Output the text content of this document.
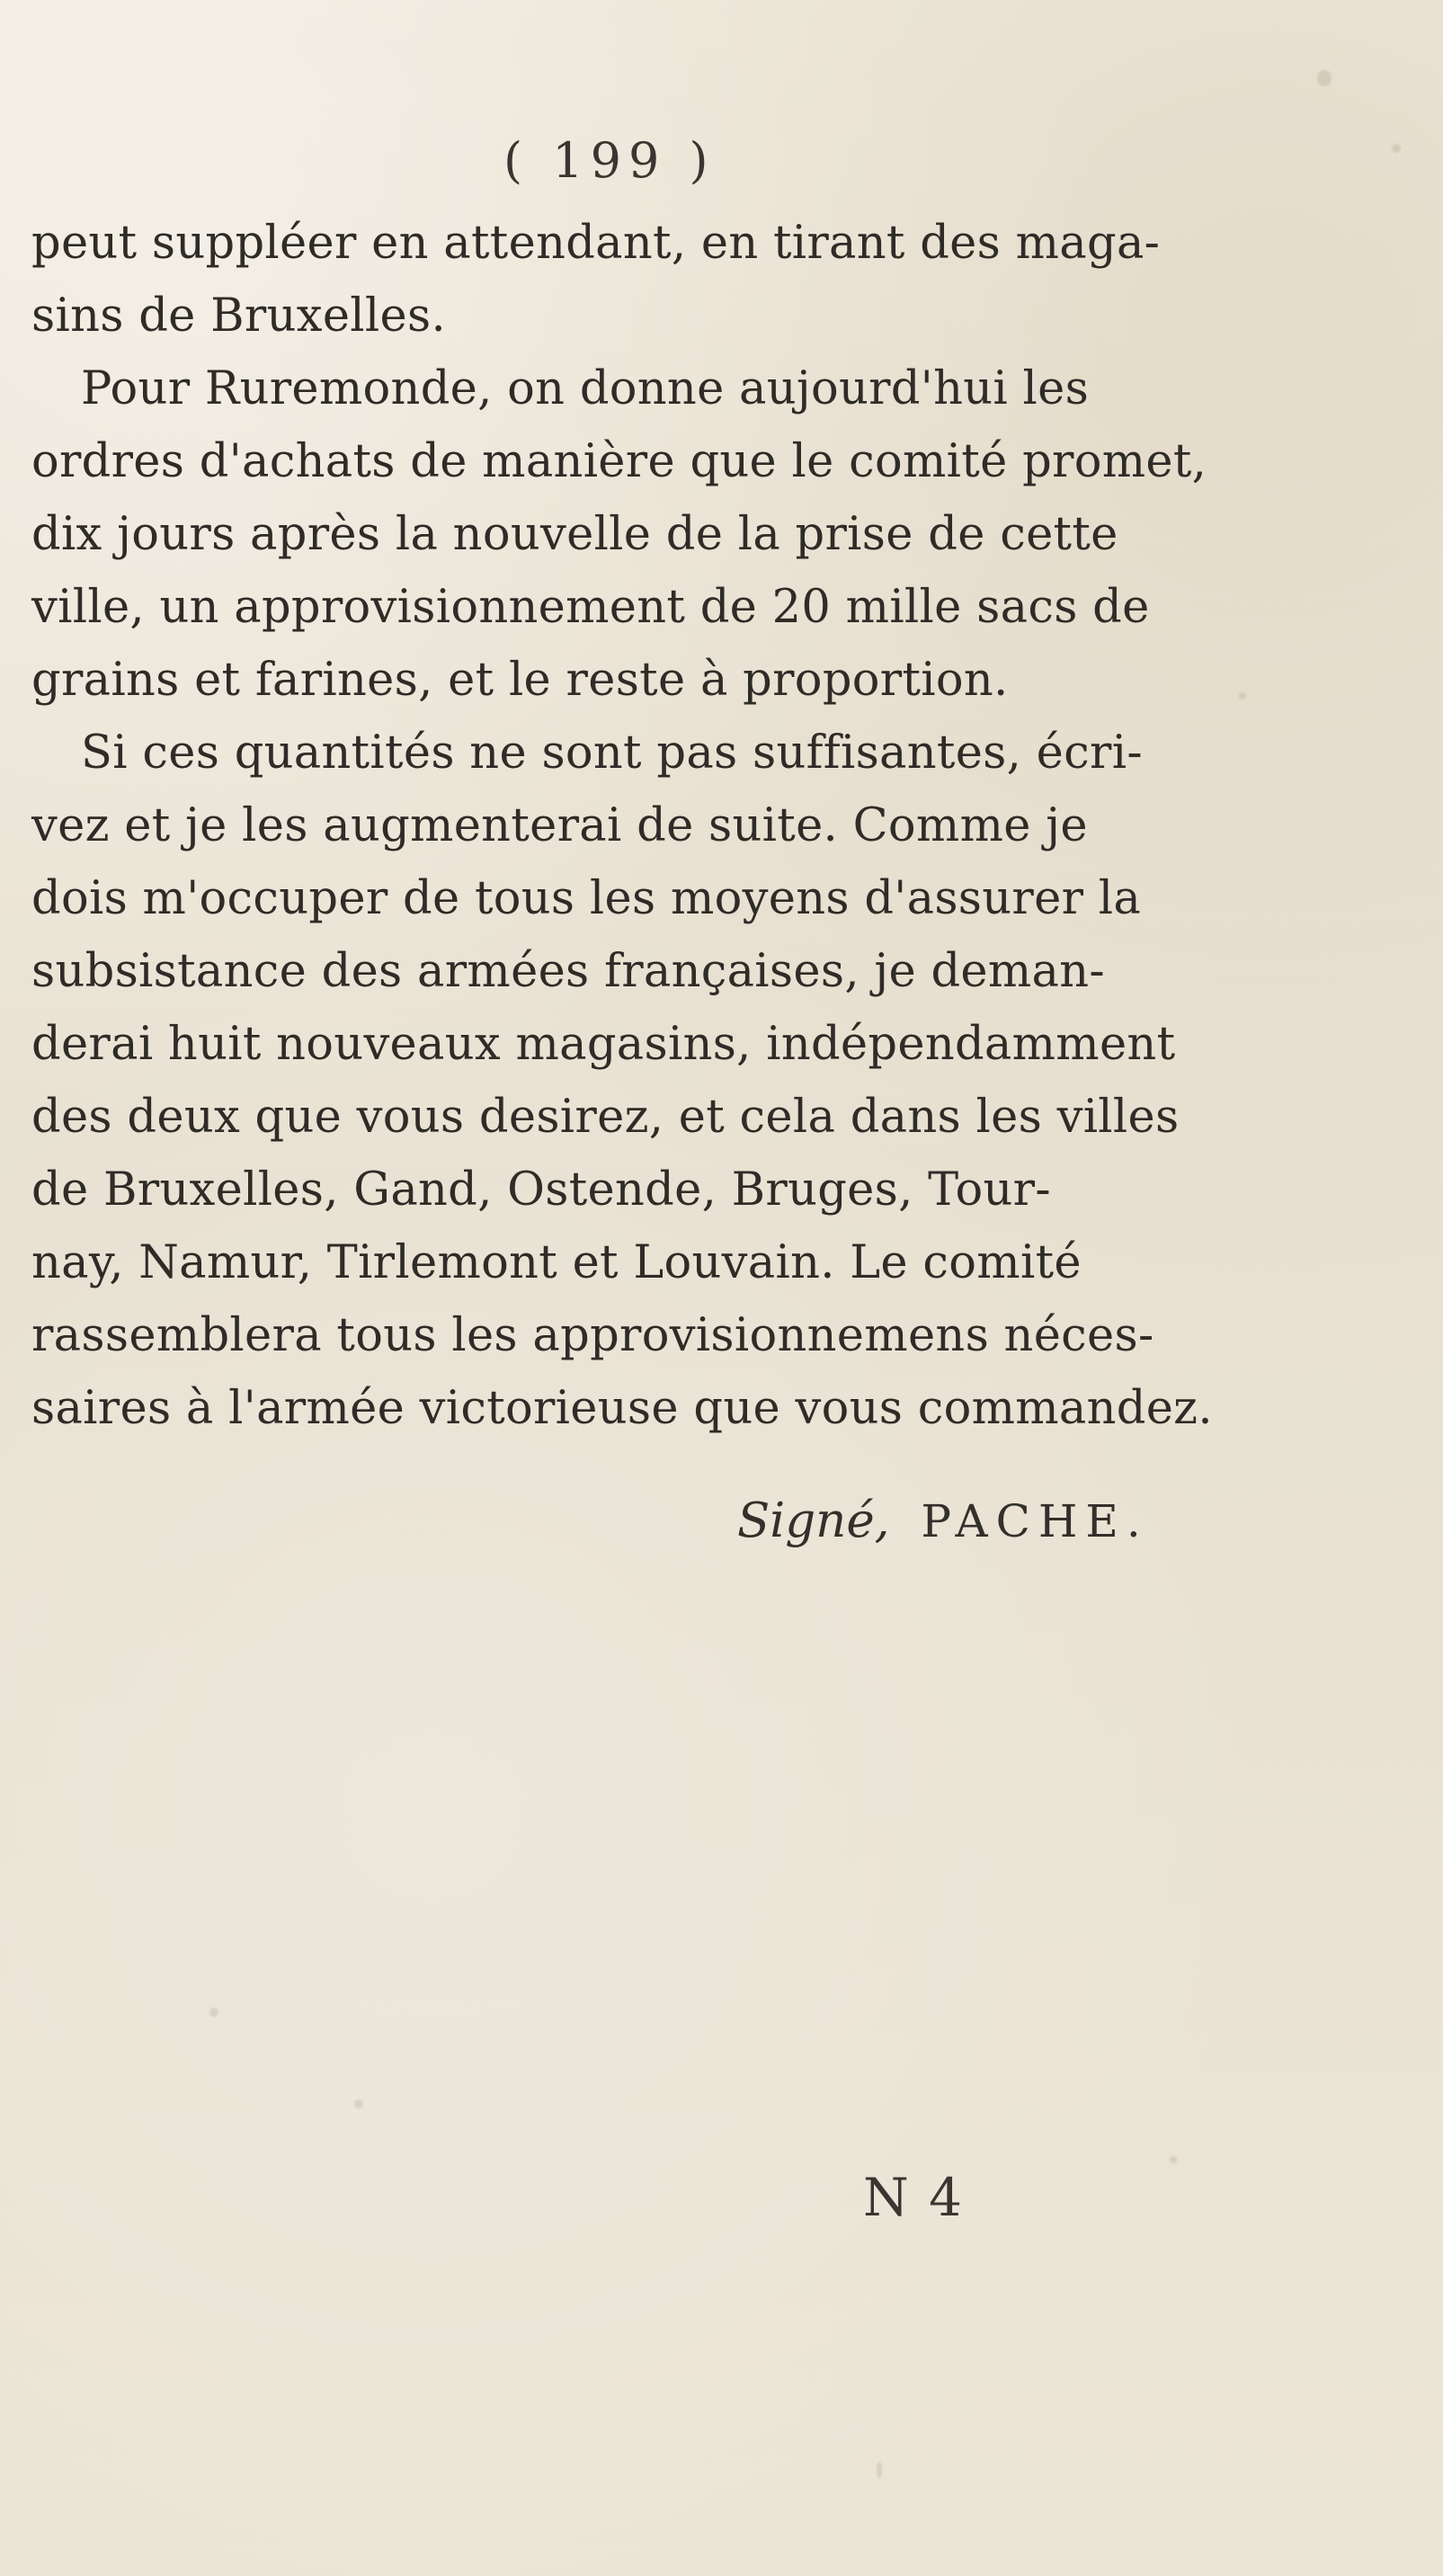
( 199 )
peut suppléer en attendant, en tirant des maga-
sins de Bruxelles.
Pour Ruremonde, on donne aujourd'hui les
ordres d'achats de manière que le comité promet,
dix jours après la nouvelle de la prise de cette
ville, un approvisionnement de 20 mille sacs de
grains et farines, et le reste à proportion.
Si ces quantités ne sont pas suffisantes, écri-
vez et je les augmenterai de suite. Comme je
dois m'occuper de tous les moyens d'assurer la
subsistance des armées françaises, je deman-
derai huit nouveaux magasins, indépendamment
des deux que vous desirez, et cela dans les villes
de Bruxelles, Gand, Ostende, Bruges, Tour-
nay, Namur, Tirlemont et Louvain. Le comité
rassemblera tous les approvisionnemens néces-
saires à l'armée victorieuse que vous commandez.
Signé, PACHE.
N 4
